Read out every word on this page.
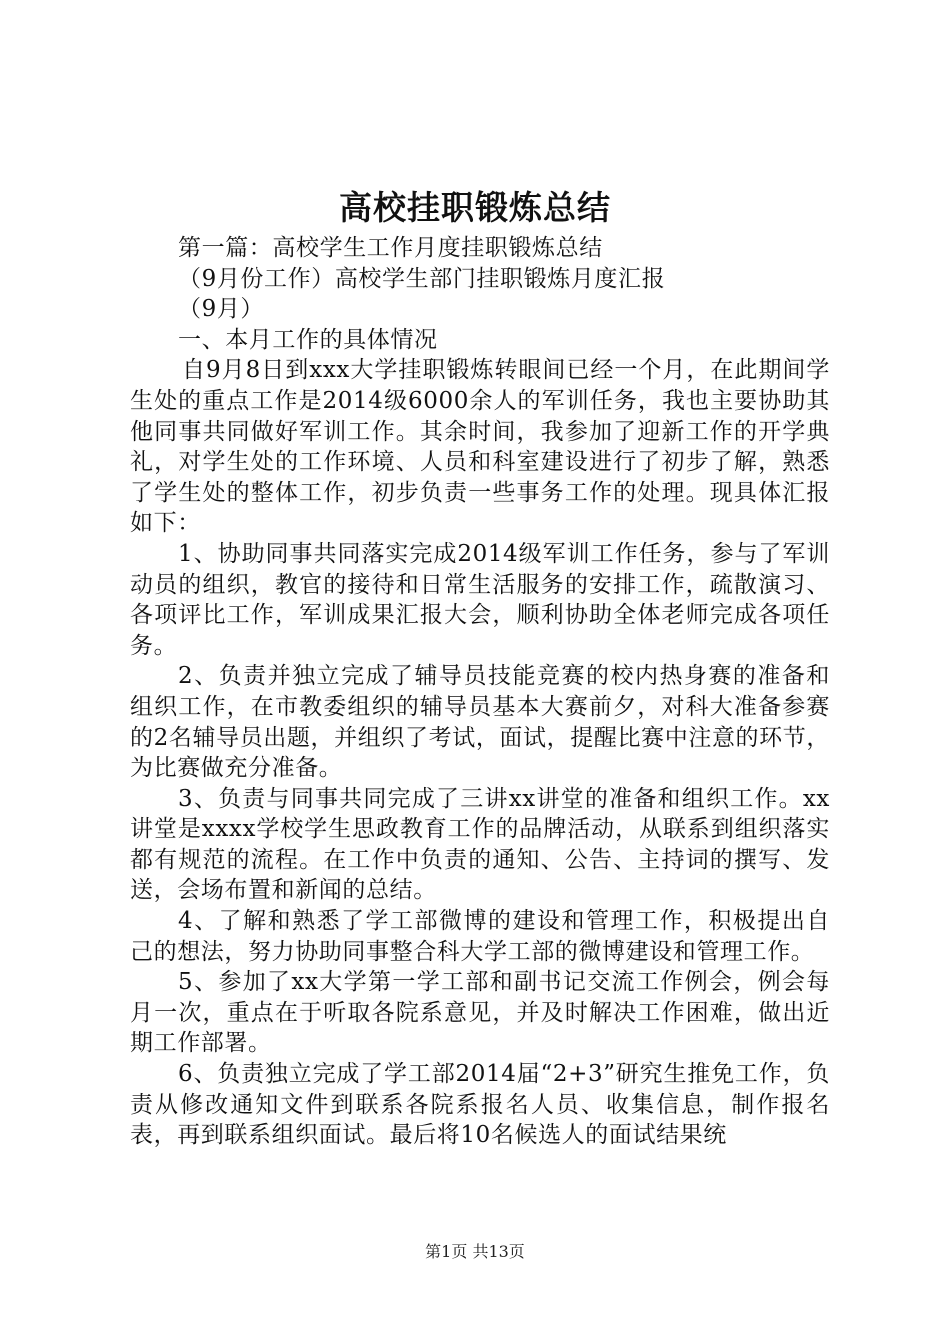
高校挂职锻炼总结

第一篇：高校学生工作月度挂职锻炼总结

（9月份工作）高校学生部门挂职锻炼月度汇报

（9月）

一、本月工作的具体情况

自9月8日到xxx大学挂职锻炼转眼间已经一个月，在此期间学生处的重点工作是2014级6000余人的军训任务，我也主要协助其他同事共同做好军训工作。其余时间，我参加了迎新工作的开学典礼，对学生处的工作环境、人员和科室建设进行了初步了解，熟悉了学生处的整体工作，初步负责一些事务工作的处理。现具体汇报如下：

1、协助同事共同落实完成2014级军训工作任务，参与了军训动员的组织，教官的接待和日常生活服务的安排工作，疏散演习、各项评比工作，军训成果汇报大会，顺利协助全体老师完成各项任务。

2、负责并独立完成了辅导员技能竞赛的校内热身赛的准备和组织工作，在市教委组织的辅导员基本大赛前夕，对科大准备参赛的2名辅导员出题，并组织了考试，面试，提醒比赛中注意的环节，为比赛做充分准备。

3、负责与同事共同完成了三讲xx讲堂的准备和组织工作。xx讲堂是xxxx学校学生思政教育工作的品牌活动，从联系到组织落实都有规范的流程。在工作中负责的通知、公告、主持词的撰写、发送，会场布置和新闻的总结。

4、了解和熟悉了学工部微博的建设和管理工作，积极提出自己的想法，努力协助同事整合科大学工部的微博建设和管理工作。

5、参加了xx大学第一学工部和副书记交流工作例会，例会每月一次，重点在于听取各院系意见，并及时解决工作困难，做出近期工作部署。

6、负责独立完成了学工部2014届“2+3”研究生推免工作，负责从修改通知文件到联系各院系报名人员、收集信息，制作报名表，再到联系组织面试。最后将10名候选人的面试结果统

第1页 共13页
